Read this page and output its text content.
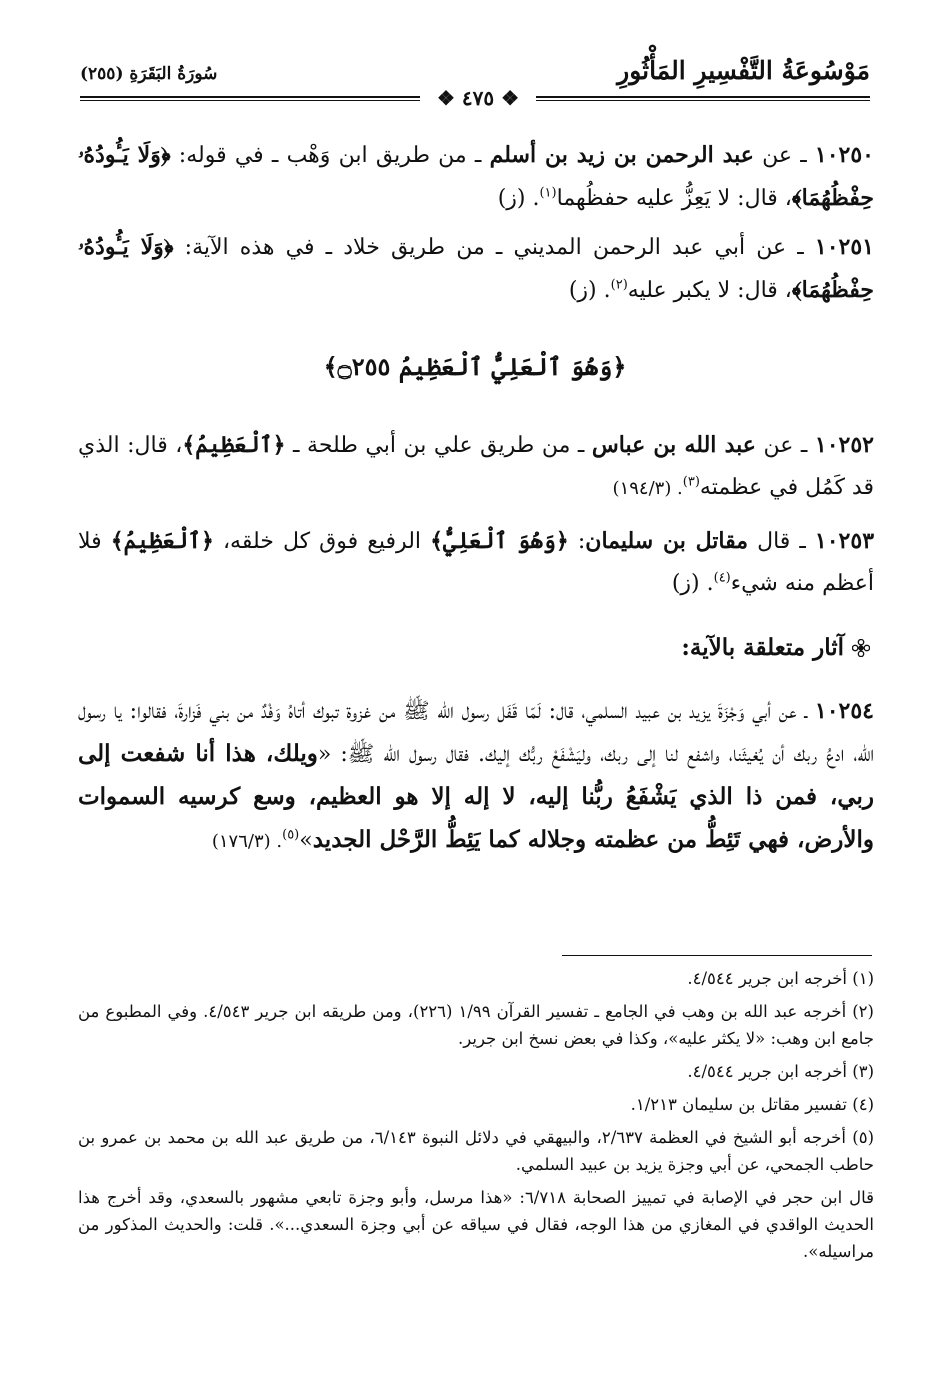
مَوْسُوعَةُ التَّفْسِيرِ المَأْثُورِ
سُورَةُ البَقَرَةِ (٢٥٥)
❖ ٤٧٥ ❖

١٠٢٥٠ ـ عن عبد الرحمن بن زيد بن أسلم ـ من طريق ابن وَهْب ـ في قوله: ﴿وَلَا يَـُٔودُهُۥ حِفْظُهُمَا﴾، قال: لا يَعِزُّ عليه حفظُهما$^{(١)}$. (ز)

١٠٢٥١ ـ عن أبي عبد الرحمن المديني ـ من طريق خلاد ـ في هذه الآية: ﴿وَلَا يَـُٔودُهُۥ حِفْظُهُمَا﴾، قال: لا يكبر عليه$^{(٢)}$. (ز)

﴿وَهُوَ ٱلْعَلِيُّ ٱلْعَظِيمُ ۝٢٥٥﴾

١٠٢٥٢ ـ عن عبد الله بن عباس ـ من طريق علي بن أبي طلحة ـ ﴿ٱلْعَظِيمُ﴾، قال: الذي قد كَمُل في عظمته$^{(٣)}$. (١٩٤/٣)

١٠٢٥٣ ـ قال مقاتل بن سليمان: ﴿وَهُوَ ٱلْعَلِيُّ﴾ الرفيع فوق كل خلقه، ﴿ٱلْعَظِيمُ﴾ فلا أعظم منه شيء$^{(٤)}$. (ز)

آثار متعلقة بالآية:

١٠٢٥٤ ـ عن أبي وَجْزَةَ يزيد بن عبيد السلمي، قال: لَمّا قَفَل رسول الله ﷺ من غزوة تبوك أتاهُ وَفْدٌ من بني فَزارةَ، فقالوا: يا رسول الله، ادعُ ربك أن يُغيثَنا، واشفع لنا إلى ربك، وليَشْفَعْ ربُّك إليك. فقال رسول الله ﷺ: «ويلك، هذا أنا شفعت إلى ربي، فمن ذا الذي يَشْفَعُ ربُّنا إليه، لا إله إلا هو العظيم، وسع كرسيه السموات والأرض، فهي تَئِطُّ من عظمته وجلاله كما يَئِطُّ الرَّحْل الجديد»$^{(٥)}$. (١٧٦/٣)

(١) أخرجه ابن جرير ٤/٥٤٤.

(٢) أخرجه عبد الله بن وهب في الجامع ـ تفسير القرآن ١/٩٩ (٢٢٦)، ومن طريقه ابن جرير ٤/٥٤٣. وفي المطبوع من جامع ابن وهب: «لا يكثر عليه»، وكذا في بعض نسخ ابن جرير.

(٣) أخرجه ابن جرير ٤/٥٤٤.

(٤) تفسير مقاتل بن سليمان ١/٢١٣.

(٥) أخرجه أبو الشيخ في العظمة ٢/٦٣٧، والبيهقي في دلائل النبوة ٦/١٤٣، من طريق عبد الله بن محمد بن عمرو بن حاطب الجمحي، عن أبي وجزة يزيد بن عبيد السلمي.

قال ابن حجر في الإصابة في تمييز الصحابة ٦/٧١٨: «هذا مرسل، وأبو وجزة تابعي مشهور بالسعدي، وقد أخرج هذا الحديث الواقدي في المغازي من هذا الوجه، فقال في سياقه عن أبي وجزة السعدي...». قلت: والحديث المذكور من مراسيله».
